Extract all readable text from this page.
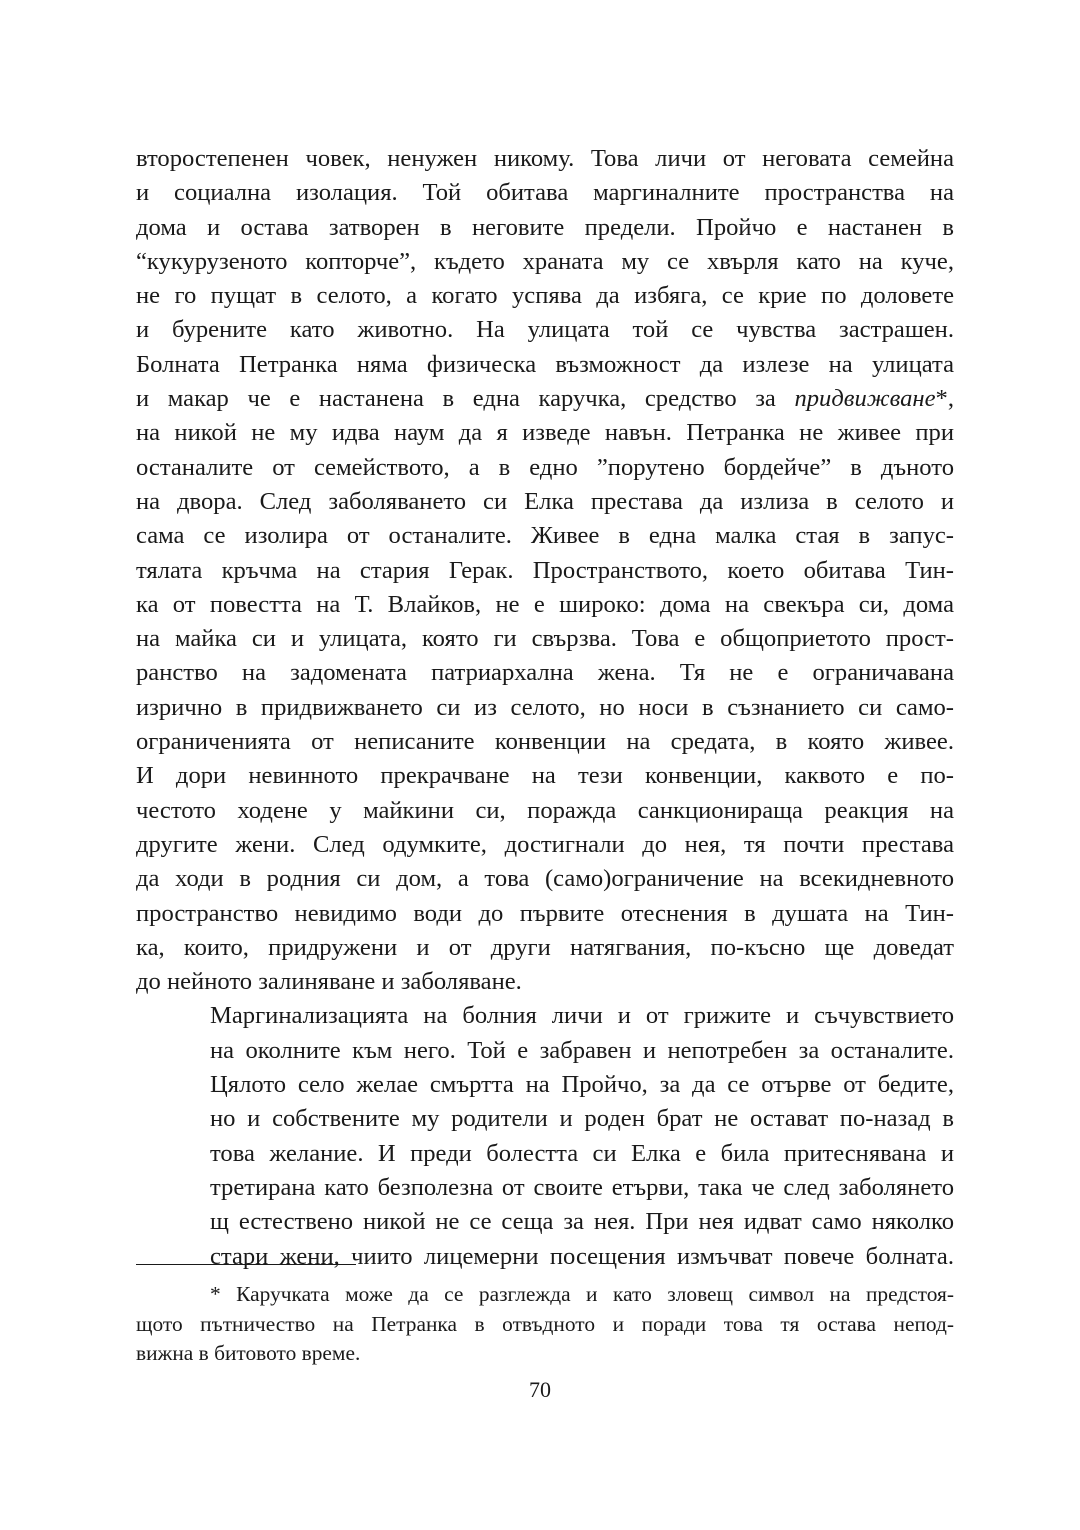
второстепенен човек, ненужен никому. Това личи от неговата семейна
и социална изолация. Той обитава маргиналните пространства на
дома и остава затворен в неговите предели. Пройчо е настанен в
“кукурузеното копторче”, където храната му се хвърля като на куче,
не го пущат в селото, а когато успява да избяга, се крие по доловете
и бурените като животно. На улицата той се чувства застрашен.
Болната Петранка няма физическа възможност да излезе на улицата
и макар че е настанена в една каручка, средство за придвижване*,
на никой не му идва наум да я изведе навън. Петранка не живее при
останалите от семейството, а в едно ”порутено бордейче” в дъното
на двора. След заболяването си Елка престава да излиза в селото и
сама се изолира от останалите. Живее в една малка стая в запус-
тялата кръчма на стария Герак. Пространството, което обитава Тин-
ка от повестта на Т. Влайков, не е широко: дома на свекъра си, дома
на майка си и улицата, която ги свързва. Това е общоприетото прост-
ранство на задомената патриархална жена. Тя не е ограничавана
изрично в придвижването си из селото, но носи в съзнанието си само-
ограниченията от неписаните конвенции на средата, в която живее.
И дори невинното прекрачване на тези конвенции, каквото е по-
честото ходене у майкини си, поражда санкционираща реакция на
другите жени. След одумките, достигнали до нея, тя почти престава
да ходи в родния си дом, а това (само)ограничение на всекидневното
пространство невидимо води до първите отеснения в душата на Тин-
ка, които, придружени и от други натягвания, по-късно ще доведат
до нейното залиняване и заболяване.

Маргинализацията на болния личи и от грижите и съчувствието
на околните към него. Той е забравен и непотребен за останалите.
Цялото село желае смъртта на Пройчо, за да се отърве от бедите,
но и собствените му родители и роден брат не остават по-назад в
това желание. И преди болестта си Елка е била притеснявана и
третирана като безполезна от своите етърви, така че след заболянето
щ естествено никой не се сеща за нея. При нея идват само няколко
стари жени, чиито лицемерни посещения измъчват повече болната.

* Каручката може да се разглежда и като зловещ символ на предстоя-
щото пътничество на Петранка в отвъдното и поради това тя остава непод-
вижна в битовото време.
70
